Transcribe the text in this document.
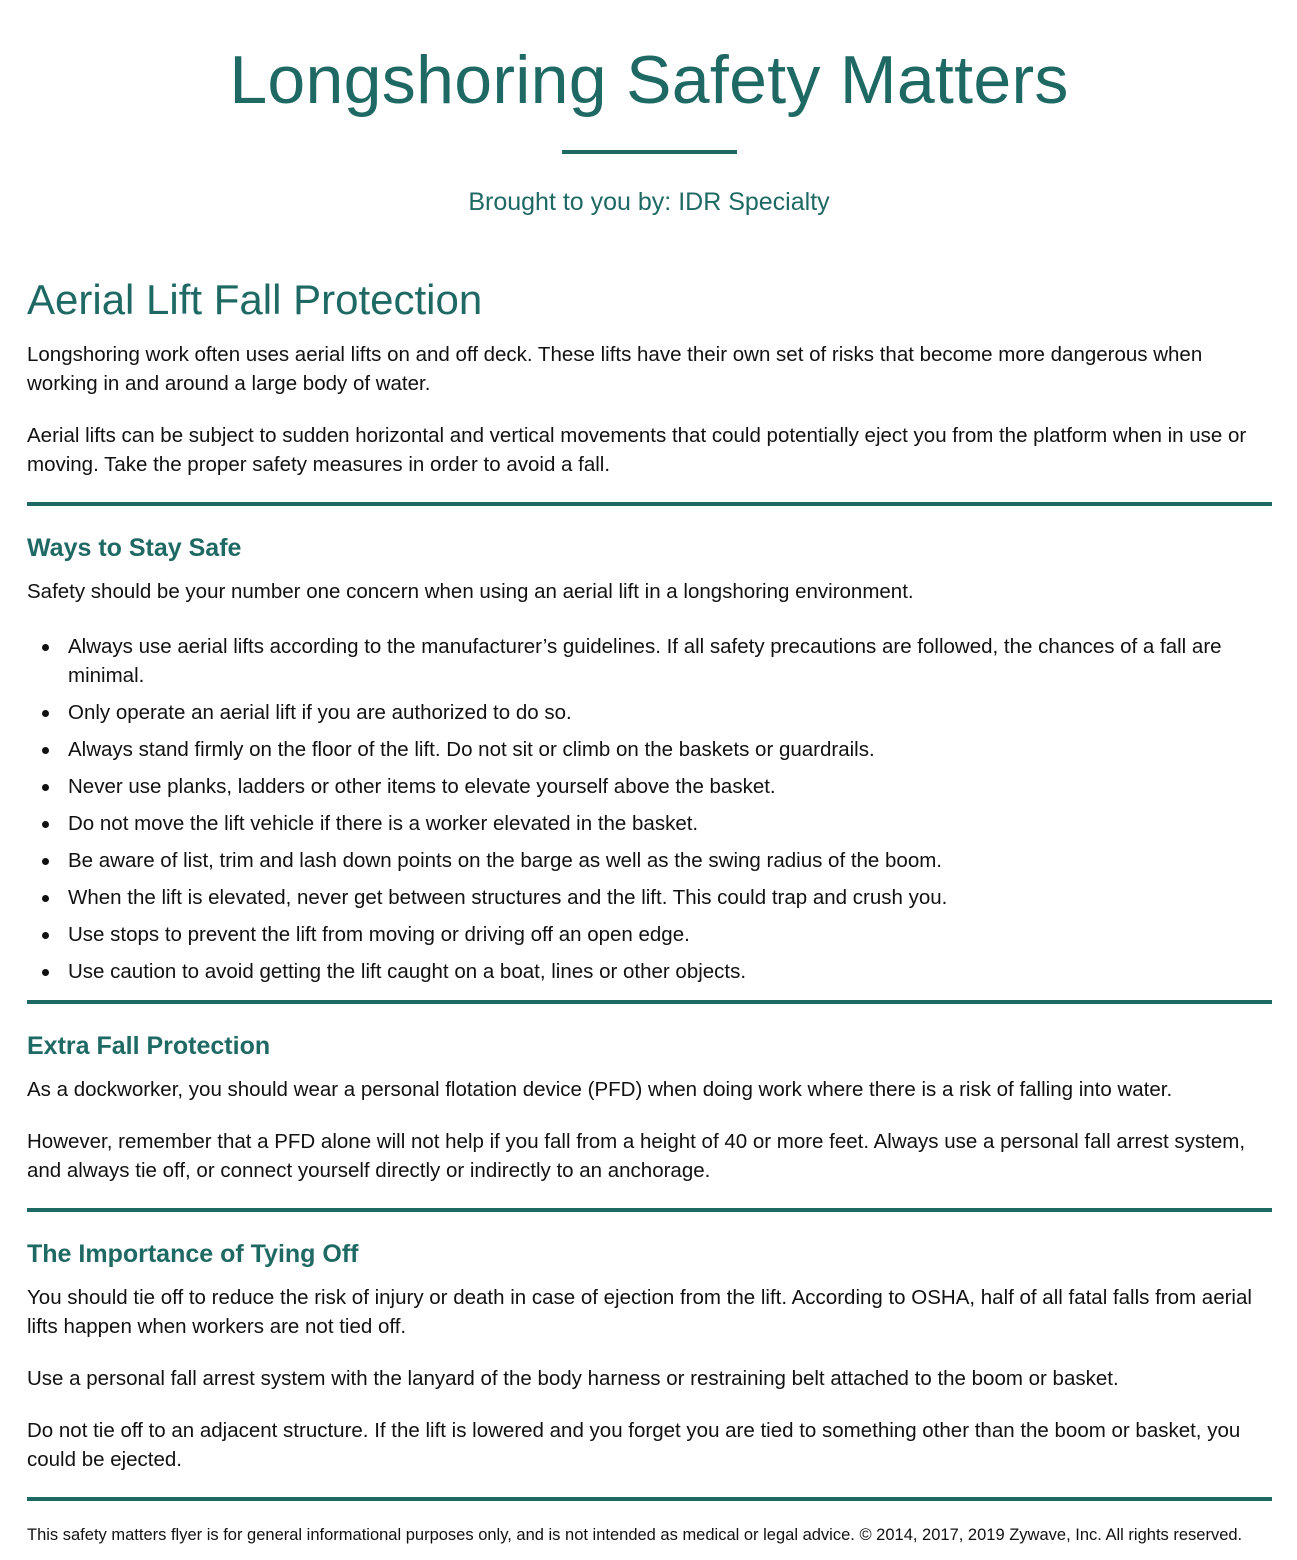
Longshoring Safety Matters
Brought to you by: IDR Specialty
Aerial Lift Fall Protection

Longshoring work often uses aerial lifts on and off deck. These lifts have their own set of risks that become more dangerous when working in and around a large body of water.

Aerial lifts can be subject to sudden horizontal and vertical movements that could potentially eject you from the platform when in use or moving. Take the proper safety measures in order to avoid a fall.

Ways to Stay Safe

Safety should be your number one concern when using an aerial lift in a longshoring environment.

Always use aerial lifts according to the manufacturer’s guidelines. If all safety precautions are followed, the chances of a fall are minimal.
Only operate an aerial lift if you are authorized to do so.
Always stand firmly on the floor of the lift. Do not sit or climb on the baskets or guardrails.
Never use planks, ladders or other items to elevate yourself above the basket.
Do not move the lift vehicle if there is a worker elevated in the basket.
Be aware of list, trim and lash down points on the barge as well as the swing radius of the boom.
When the lift is elevated, never get between structures and the lift. This could trap and crush you.
Use stops to prevent the lift from moving or driving off an open edge.
Use caution to avoid getting the lift caught on a boat, lines or other objects.
Extra Fall Protection

As a dockworker, you should wear a personal flotation device (PFD) when doing work where there is a risk of falling into water.

However, remember that a PFD alone will not help if you fall from a height of 40 or more feet. Always use a personal fall arrest system, and always tie off, or connect yourself directly or indirectly to an anchorage.

The Importance of Tying Off

You should tie off to reduce the risk of injury or death in case of ejection from the lift. According to OSHA, half of all fatal falls from aerial lifts happen when workers are not tied off.

Use a personal fall arrest system with the lanyard of the body harness or restraining belt attached to the boom or basket.

Do not tie off to an adjacent structure. If the lift is lowered and you forget you are tied to something other than the boom or basket, you could be ejected.

This safety matters flyer is for general informational purposes only, and is not intended as medical or legal advice. © 2014, 2017, 2019 Zywave, Inc. All rights reserved.
